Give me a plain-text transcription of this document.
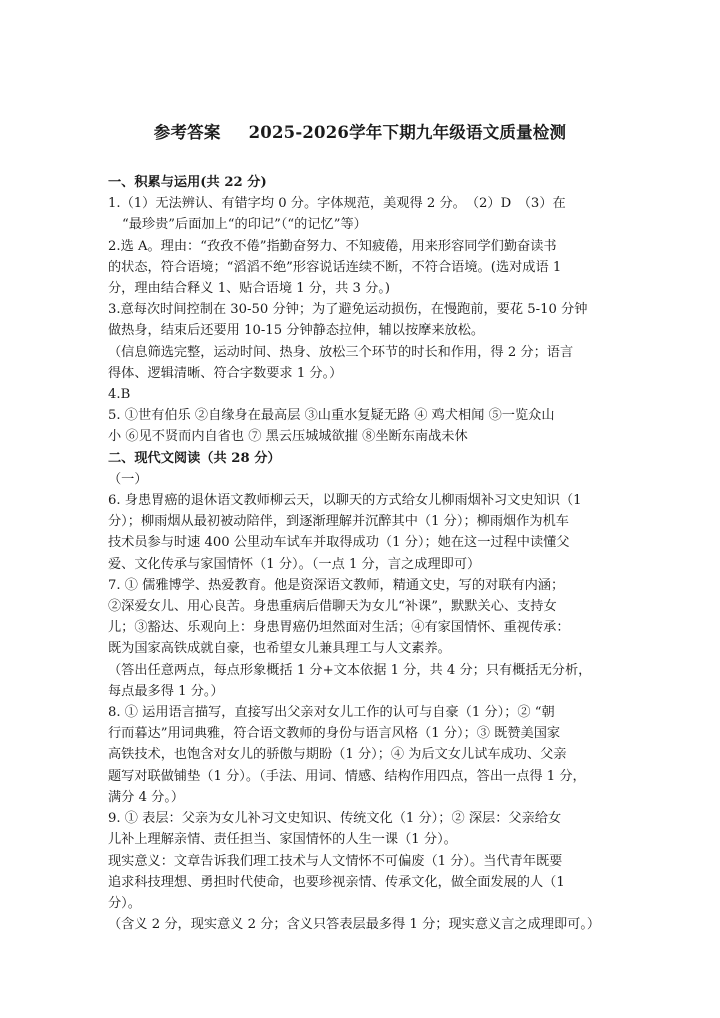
参考答案 2025-2026学年下期九年级语文质量检测

一、积累与运用(共 22 分)

1.（1）无法辨认、有错字均 0 分。字体规范，美观得 2 分。　（2）D　（3）在

“最珍贵”后面加上“的印记”（“的记忆”等）

2.选 A。理由：“孜孜不倦”指勤奋努力、不知疲倦，用来形容同学们勤奋读书

的状态，符合语境；“滔滔不绝”形容说话连续不断，不符合语境。(选对成语 1

分，理由结合释义 1、贴合语境 1 分，共 3 分。)

3.意每次时间控制在 30-50 分钟；为了避免运动损伤，在慢跑前，要花 5-10 分钟

做热身，结束后还要用 10-15 分钟静态拉伸，辅以按摩来放松。

（信息筛选完整，运动时间、热身、放松三个环节的时长和作用，得 2 分；语言

得体、逻辑清晰、符合字数要求 1 分。）

4.B

5. ①世有伯乐 ②自缘身在最高层 ③山重水复疑无路 ④ 鸡犬相闻 ⑤一览众山

小 ⑥见不贤而内自省也 ⑦ 黑云压城城欲摧 ⑧坐断东南战未休

二、现代文阅读（共 28 分）

（一）

6. 身患胃癌的退休语文教师柳云天，以聊天的方式给女儿柳雨烟补习文史知识（1

分）；柳雨烟从最初被动陪伴，到逐渐理解并沉醉其中（1 分）；柳雨烟作为机车

技术员参与时速 400 公里动车试车并取得成功（1 分）；她在这一过程中读懂父

爱、文化传承与家国情怀（1 分）。（一点 1 分，言之成理即可）

7. ① 儒雅博学、热爱教育。他是资深语文教师，精通文史，写的对联有内涵；

②深爱女儿、用心良苦。身患重病后借聊天为女儿“补课”，默默关心、支持女

儿；③豁达、乐观向上：身患胃癌仍坦然面对生活；④有家国情怀、重视传承：

既为国家高铁成就自豪，也希望女儿兼具理工与人文素养。

（答出任意两点，每点形象概括 1 分+文本依据 1 分，共 4 分；只有概括无分析，

每点最多得 1 分。）

8. ① 运用语言描写，直接写出父亲对女儿工作的认可与自豪（1 分）；② “朝

行而暮达”用词典雅，符合语文教师的身份与语言风格（1 分）；③ 既赞美国家

高铁技术，也饱含对女儿的骄傲与期盼（1 分）；④ 为后文女儿试车成功、父亲

题写对联做铺垫（1 分）。（手法、用词、情感、结构作用四点，答出一点得 1 分，

满分 4 分。）

9. ① 表层：父亲为女儿补习文史知识、传统文化（1 分）；② 深层：父亲给女

儿补上理解亲情、责任担当、家国情怀的人生一课（1 分）。

现实意义：文章告诉我们理工技术与人文情怀不可偏废（1 分）。当代青年既要

追求科技理想、勇担时代使命，也要珍视亲情、传承文化，做全面发展的人（1

分）。

（含义 2 分，现实意义 2 分；含义只答表层最多得 1 分；现实意义言之成理即可。）
